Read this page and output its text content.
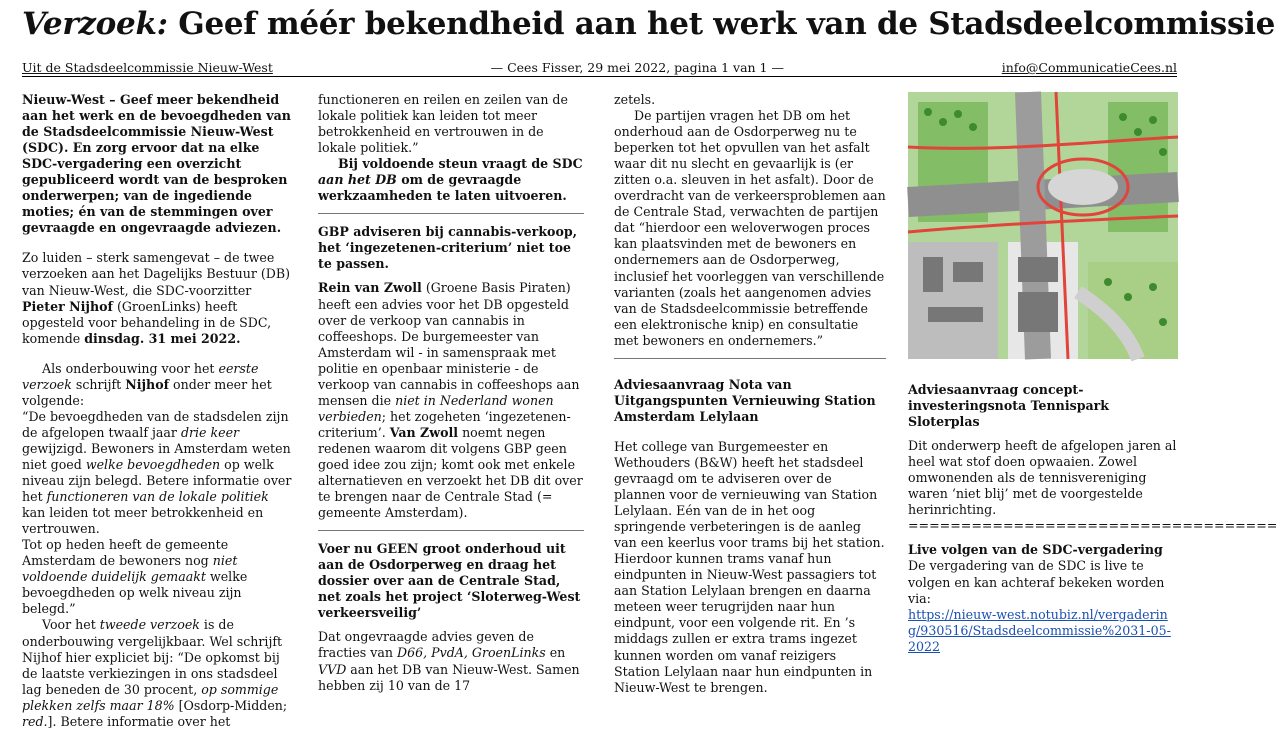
Verzoek: Geef méér bekendheid aan het werk van de Stadsdeelcommissie
Uit de Stadsdeelcommissie Nieuw-West	— Cees Fisser, 29 mei 2022, pagina 1 van 1 —	info@CommunicatieCees.nl

Nieuw-West – Geef meer bekendheid aan het werk en de bevoegdheden van de Stadsdeelcommissie Nieuw-West (SDC). En zorg ervoor dat na elke SDC-vergadering een overzicht gepubliceerd wordt van de besproken onderwerpen; van de ingediende moties; én van de stemmingen over gevraagde en ongevraagde adviezen.

Zo luiden – sterk samengevat – de twee verzoeken aan het Dagelijks Bestuur (DB) van Nieuw-West, die SDC-voorzitter Pieter Nijhof (GroenLinks) heeft opgesteld voor behandeling in de SDC, komende dinsdag. 31 mei 2022.

Als onderbouwing voor het eerste verzoek schrijft Nijhof onder meer het volgende:

“De bevoegdheden van de stadsdelen zijn de afgelopen twaalf jaar drie keer gewijzigd. Bewoners in Amsterdam weten niet goed welke bevoegdheden op welk niveau zijn belegd. Betere informatie over het functioneren van de lokale politiek kan leiden tot meer betrokkenheid en vertrouwen.

Tot op heden heeft de gemeente Amsterdam de bewoners nog niet voldoende duidelijk gemaakt welke bevoegdheden op welk niveau zijn belegd.”

Voor het tweede verzoek is de onderbouwing vergelijkbaar. Wel schrijft Nijhof hier expliciet bij: “De opkomst bij de laatste verkiezingen in ons stadsdeel lag beneden de 30 procent, op sommige plekken zelfs maar 18% [Osdorp-Midden; red.]. Betere informatie over het

functioneren en reilen en zeilen van de lokale politiek kan leiden tot meer betrokkenheid en vertrouwen in de lokale politiek.”

Bij voldoende steun vraagt de SDC aan het DB om de gevraagde werkzaamheden te laten uitvoeren.

GBP adviseren bij cannabis-verkoop, het ‘ingezetenen-criterium’ niet toe te passen.

Rein van Zwoll (Groene Basis Piraten) heeft een advies voor het DB opgesteld over de verkoop van cannabis in coffeeshops. De burgemeester van Amsterdam wil - in samenspraak met politie en openbaar ministerie - de verkoop van cannabis in coffeeshops aan mensen die niet in Nederland wonen verbieden; het zogeheten ‘ingezetenen-criterium’. Van Zwoll noemt negen redenen waarom dit volgens GBP geen goed idee zou zijn; komt ook met enkele alternatieven en verzoekt het DB dit over te brengen naar de Centrale Stad (= gemeente Amsterdam).

Voer nu GEEN groot onderhoud uit aan de Osdorperweg en draag het dossier over aan de Centrale Stad, net zoals het project ‘Sloterweg-West verkeersveilig’

Dat ongevraagde advies geven de fracties van D66, PvdA, GroenLinks en VVD aan het DB van Nieuw-West. Samen hebben zij 10 van de 17

zetels.

De partijen vragen het DB om het onderhoud aan de Osdorperweg nu te beperken tot het opvullen van het asfalt waar dit nu slecht en gevaarlijk is (er zitten o.a. sleuven in het asfalt). Door de overdracht van de verkeersproblemen aan de Centrale Stad, verwachten de partijen dat “hierdoor een weloverwogen proces kan plaatsvinden met de bewoners en ondernemers aan de Osdorperweg, inclusief het voorleggen van verschillende varianten (zoals het aangenomen advies van de Stadsdeelcommissie betreffende een elektronische knip) en consultatie met bewoners en ondernemers.”

Adviesaanvraag Nota van Uitgangspunten Vernieuwing Station Amsterdam Lelylaan

Het college van Burgemeester en Wethouders (B&W) heeft het stadsdeel gevraagd om te adviseren over de plannen voor de vernieuwing van Station Lelylaan. Eén van de in het oog springende verbeteringen is de aanleg van een keerlus voor trams bij het station. Hierdoor kunnen trams vanaf hun eindpunten in Nieuw-West passagiers tot aan Station Lelylaan brengen en daarna meteen weer terugrijden naar hun eindpunt, voor een volgende rit. En ’s middags zullen er extra trams ingezet kunnen worden om vanaf reizigers Station Lelylaan naar hun eindpunten in Nieuw-West te brengen.

Adviesaanvraag concept-investeringsnota Tennispark Sloterplas

Dit onderwerp heeft de afgelopen jaren al heel wat stof doen opwaaien. Zowel omwonenden als de tennisvereniging waren ‘niet blij’ met de voorgestelde herinrichting.

===================================

Live volgen van de SDC-vergadering

De vergadering van de SDC is live te volgen en kan achteraf bekeken worden via:

https://nieuw-west.notubiz.nl/vergadering/930516/Stadsdeelcommissie%2031-05-2022
